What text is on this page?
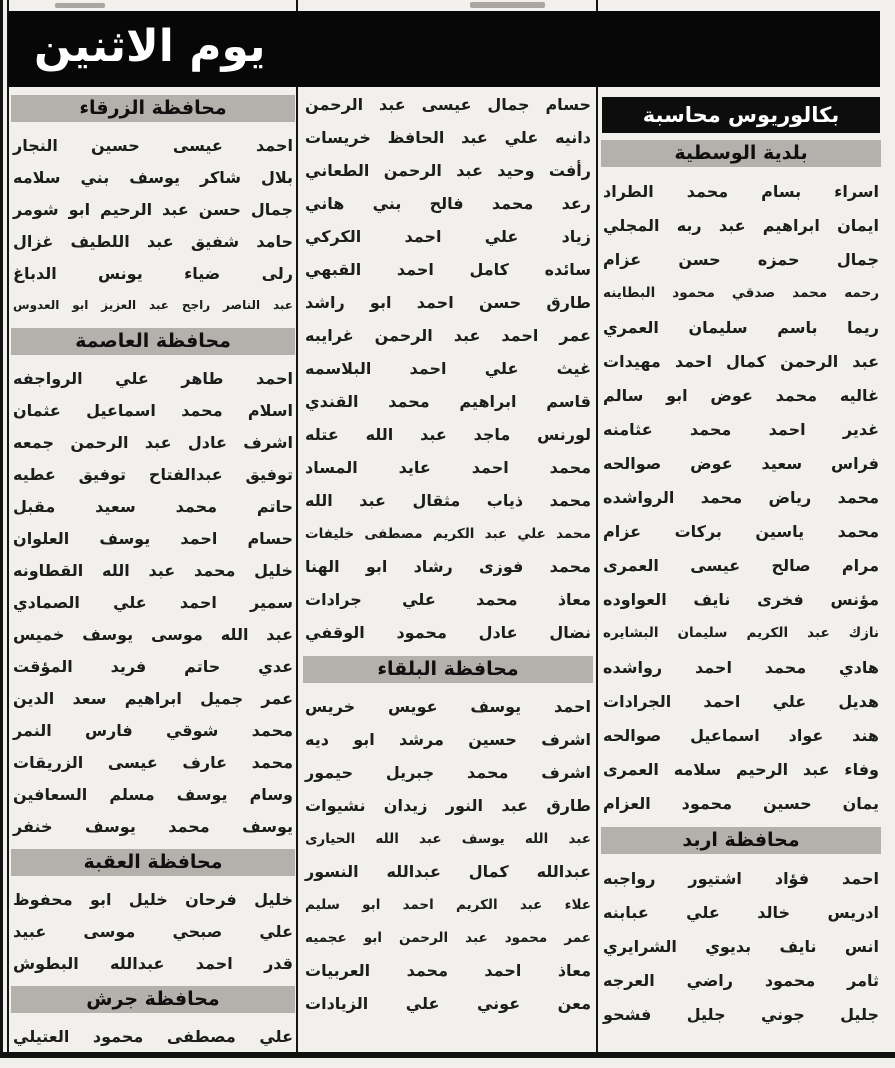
يوم الاثنين
بكالوريوس محاسبة
بلدية الوسطية
اسراء
بسام
محمد
الطراد
ايمان
ابراهيم
عبد
ربه
المجلي
جمال
حمزه
حسن
عزام
رحمه
محمد
صدقي
محمود
البطاينه
ريما
باسم
سليمان
العمري
عبد
الرحمن
كمال
احمد
مهيدات
غاليه
محمد
عوض
ابو
سالم
غدير
احمد
محمد
عثامنه
فراس
سعيد
عوض
صوالحه
محمد
رياض
محمد
الرواشده
محمد
ياسين
بركات
عزام
مرام
صالح
عيسى
العمرى
مؤنس
فخرى
نايف
العواوده
نازك
عبد
الكريم
سليمان
البشايره
هادي
محمد
احمد
رواشده
هديل
علي
احمد
الجرادات
هند
عواد
اسماعيل
صوالحه
وفاء
عبد
الرحيم
سلامه
العمرى
يمان
حسين
محمود
العزام
محافظة اربد
احمد
فؤاد
اشتيور
رواجبه
ادريس
خالد
علي
عبابنه
انس
نايف
بديوي
الشرايري
ثامر
محمود
راضي
العرجه
جليل
جوني
جليل
فشحو
حسام
جمال
عيسى
عبد
الرحمن
دانيه
علي
عبد
الحافظ
خريسات
رأفت
وحيد
عبد
الرحمن
الطعاني
رعد
محمد
فالح
بني
هاني
زياد
علي
احمد
الكركي
سائده
كامل
احمد
القبهي
طارق
حسن
احمد
ابو
راشد
عمر
احمد
عبد
الرحمن
غرايبه
غيث
علي
احمد
البلاسمه
قاسم
ابراهيم
محمد
القندي
لورنس
ماجد
عبد
الله
عتله
محمد
احمد
عايد
المساد
محمد
ذياب
مثقال
عبد
الله
محمد
علي
عبد
الكريم
مصطفى
خليفات
محمد
فوزى
رشاد
ابو
الهنا
معاذ
محمد
علي
جرادات
نضال
عادل
محمود
الوقفي
محافظة البلقاء
احمد
يوسف
عويس
خريس
اشرف
حسين
مرشد
ابو
ديه
اشرف
محمد
جبريل
حيمور
طارق
عبد
النور
زيدان
نشيوات
عبد
الله
يوسف
عبد
الله
الحيارى
عبدالله
كمال
عبدالله
النسور
علاء
عبد
الكريم
احمد
ابو
سليم
عمر
محمود
عبد
الرحمن
ابو
عجميه
معاذ
احمد
محمد
العربيات
معن
عوني
علي
الزيادات
محافظة الزرقاء
احمد
عيسى
حسين
النجار
بلال
شاكر
يوسف
بني
سلامه
جمال
حسن
عبد
الرحيم
ابو
شومر
حامد
شفيق
عبد
اللطيف
غزال
رلى
ضياء
يونس
الدباغ
عبد
الناصر
راجح
عبد
العزيز
ابو
العدوس
محافظة العاصمة
احمد
طاهر
علي
الرواجفه
اسلام
محمد
اسماعيل
عثمان
اشرف
عادل
عبد
الرحمن
جمعه
توفيق
عبدالفتاح
توفيق
عطيه
حاتم
محمد
سعيد
مقبل
حسام
احمد
يوسف
العلوان
خليل
محمد
عبد
الله
القطاونه
سمير
احمد
علي
الصمادي
عبد
الله
موسى
يوسف
خميس
عدي
حاتم
فريد
المؤقت
عمر
جميل
ابراهيم
سعد
الدين
محمد
شوقي
فارس
النمر
محمد
عارف
عيسى
الزريقات
وسام
يوسف
مسلم
السعافين
يوسف
محمد
يوسف
خنفر
محافظة العقبة
خليل
فرحان
خليل
ابو
محفوظ
علي
صبحي
موسى
عبيد
قدر
احمد
عبدالله
البطوش
محافظة جرش
علي
مصطفى
محمود
العتيلي
